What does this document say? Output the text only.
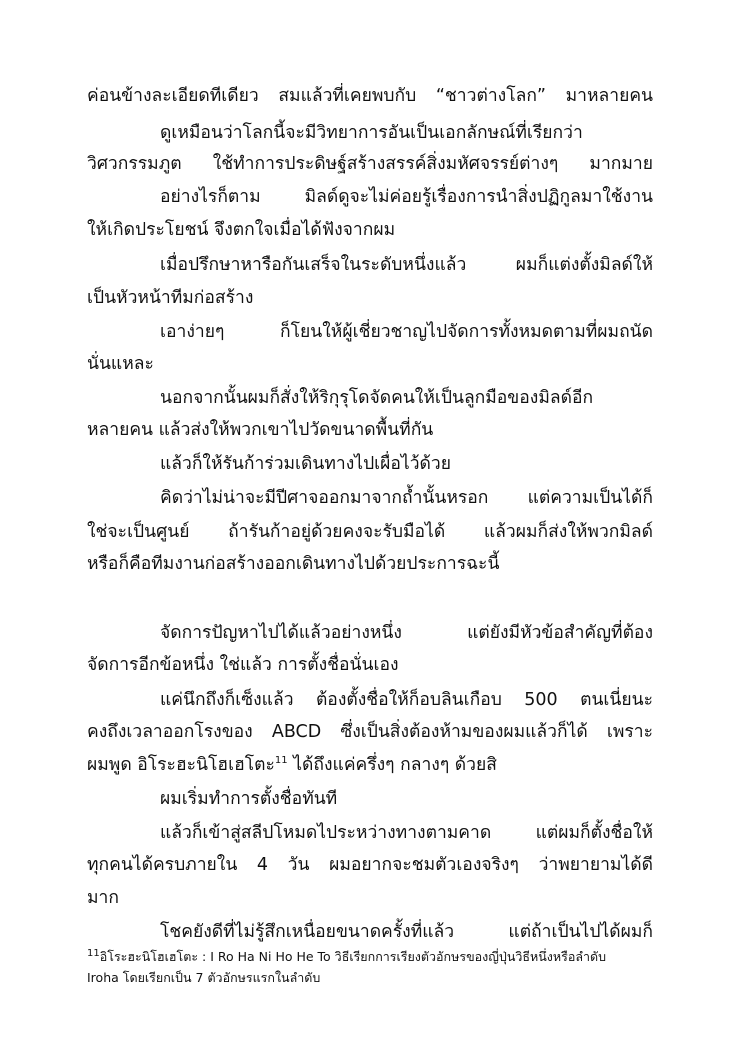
ค่อนข้างละเอียดทีเดียว สมแล้วที่เคยพบกับ “ชาวต่างโลก” มาหลายคน
ดูเหมือนว่าโลกนี้จะมีวิทยาการอันเป็นเอกลักษณ์ที่เรียกว่า
วิศวกรรมภูต ใช้ทำการประดิษฐ์สร้างสรรค์สิ่งมหัศจรรย์ต่างๆ มากมาย
อย่างไรก็ตาม มิลด์ดูจะไม่ค่อยรู้เรื่องการนำสิ่งปฏิกูลมาใช้งาน
ให้เกิดประโยชน์ จึงตกใจเมื่อได้ฟังจากผม
เมื่อปรึกษาหารือกันเสร็จในระดับหนึ่งแล้ว ผมก็แต่งตั้งมิลด์ให้
เป็นหัวหน้าทีมก่อสร้าง
เอาง่ายๆ ก็โยนให้ผู้เชี่ยวชาญไปจัดการทั้งหมดตามที่ผมถนัด
นั่นแหละ
นอกจากนั้นผมก็สั่งให้ริกุรุโดจัดคนให้เป็นลูกมือของมิลด์อีก
หลายคน แล้วส่งให้พวกเขาไปวัดขนาดพื้นที่กัน
แล้วก็ให้รันก้าร่วมเดินทางไปเผื่อไว้ด้วย
คิดว่าไม่น่าจะมีปีศาจออกมาจากถ้ำนั้นหรอก แต่ความเป็นได้ก็
ใช่จะเป็นศูนย์ ถ้ารันก้าอยู่ด้วยคงจะรับมือได้ แล้วผมก็ส่งให้พวกมิลด์
หรือก็คือทีมงานก่อสร้างออกเดินทางไปด้วยประการฉะนี้
จัดการปัญหาไปได้แล้วอย่างหนึ่ง แต่ยังมีหัวข้อสำคัญที่ต้อง
จัดการอีกข้อหนึ่ง ใช่แล้ว การตั้งชื่อนั่นเอง
แค่นึกถึงก็เซ็งแล้ว ต้องตั้งชื่อให้ก็อบลินเกือบ 500 ตนเนี่ยนะ
คงถึงเวลาออกโรงของ ABCD ซึ่งเป็นสิ่งต้องห้ามของผมแล้วก็ได้ เพราะ
ผมพูด อิโระฮะนิโฮเฮโตะ$^{11}$ ได้ถึงแค่ครึ่งๆ กลางๆ ด้วยสิ
ผมเริ่มทำการตั้งชื่อทันที
แล้วก็เข้าสู่สลีปโหมดไประหว่างทางตามคาด แต่ผมก็ตั้งชื่อให้
ทุกคนได้ครบภายใน 4 วัน ผมอยากจะชมตัวเองจริงๆ ว่าพยายามได้ดี
มาก
โชคยังดีที่ไม่รู้สึกเหนื่อยขนาดครั้งที่แล้ว แต่ถ้าเป็นไปได้ผมก็
$^{11}$อิโระฮะนิโฮเฮโตะ : I Ro Ha Ni Ho He To วิธีเรียกการเรียงตัวอักษรของญี่ปุ่นวิธีหนึ่งหรือลำดับ
Iroha โดยเรียกเป็น 7 ตัวอักษรแรกในลำดับ
